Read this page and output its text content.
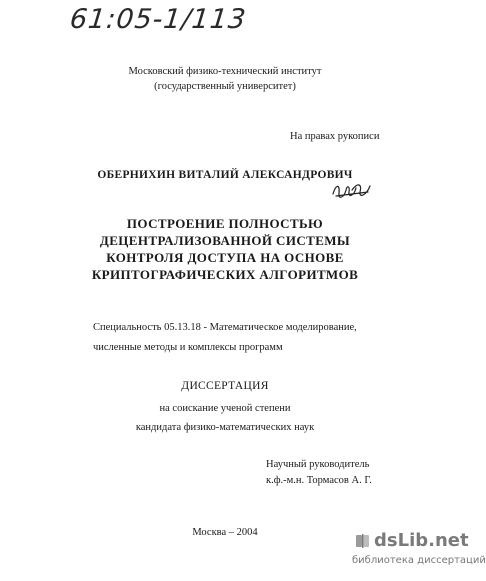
61:05-1/113
Московский физико-технический институт
(государственный университет)
На правах рукописи
ОБЕРНИХИН ВИТАЛИЙ АЛЕКСАНДРОВИЧ
ПОСТРОЕНИЕ ПОЛНОСТЬЮ
ДЕЦЕНТРАЛИЗОВАННОЙ СИСТЕМЫ
КОНТРОЛЯ ДОСТУПА НА ОСНОВЕ
КРИПТОГРАФИЧЕСКИХ АЛГОРИТМОВ
Специальность 05.13.18 - Математическое моделирование,
численные методы и комплексы программ
ДИССЕРТАЦИЯ
на соискание ученой степени
кандидата физико-математических наук
Научный руководитель
к.ф.-м.н. Тормасов А. Г.
Москва – 2004	dsLib.net
библиотека диссертаций
